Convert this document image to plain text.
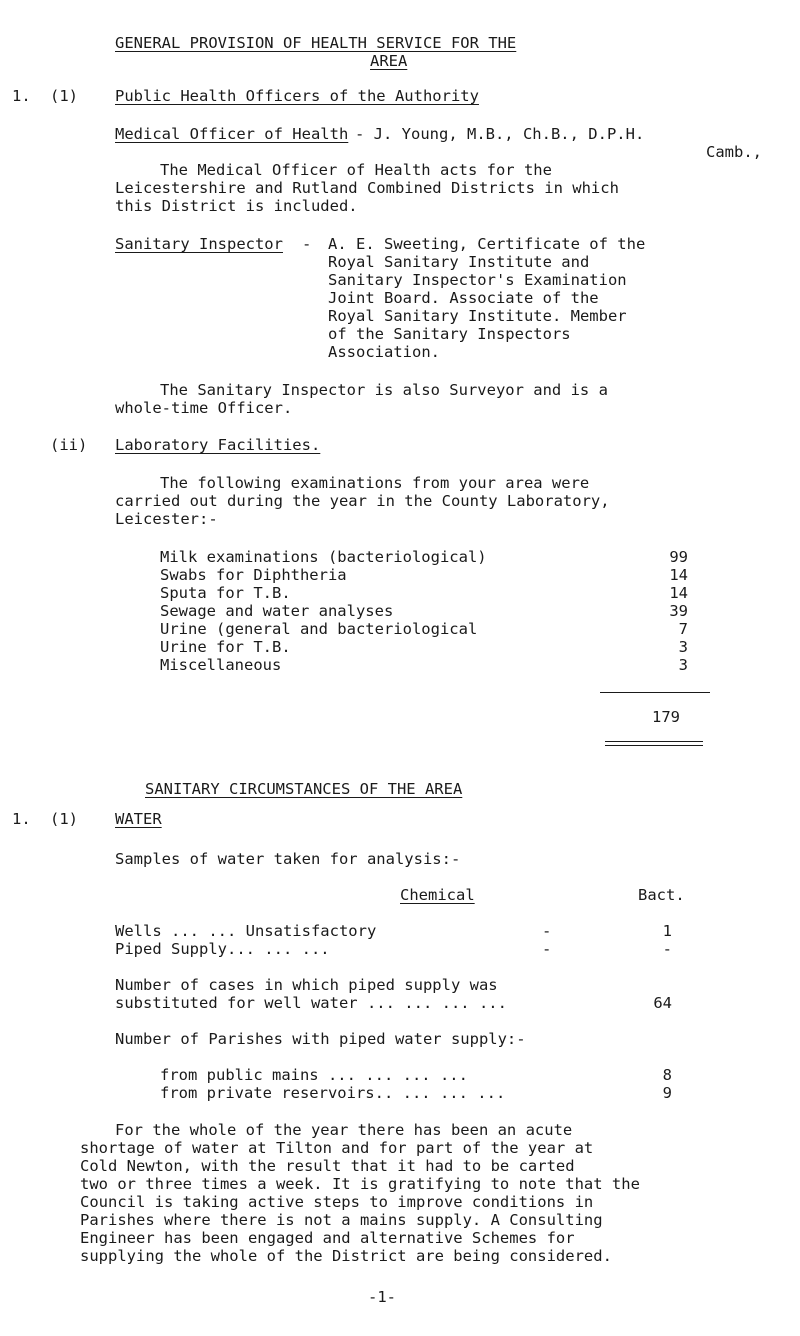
GENERAL PROVISION OF HEALTH SERVICE FOR THE
AREA
1. (1) Public Health Officers of the Authority
Medical Officer of Health - J. Young, M.B., Ch.B., D.P.H.
Camb.,
The Medical Officer of Health acts for the
Leicestershire and Rutland Combined Districts in which
this District is included.
Sanitary Inspector - A. E. Sweeting, Certificate of the
Royal Sanitary Institute and
Sanitary Inspector's Examination
Joint Board. Associate of the
Royal Sanitary Institute. Member
of the Sanitary Inspectors
Association.
The Sanitary Inspector is also Surveyor and is a
whole-time Officer.
(ii) Laboratory Facilities.
The following examinations from your area were
carried out during the year in the County Laboratory,
Leicester:-
Milk examinations (bacteriological)	99
Swabs for Diphtheria	14
Sputa for T.B.	14
Sewage and water analyses	39
Urine (general and bacteriological	7
Urine for T.B.	3
Miscellaneous	3
179
SANITARY CIRCUMSTANCES OF THE AREA
1. (1) WATER
Samples of water taken for analysis:-
Chemical	Bact.
Wells ... ... Unsatisfactory	-	1
Piped Supply... ... ...	-	-
Number of cases in which piped supply was
substituted for well water ... ... ... ...	64
Number of Parishes with piped water supply:-
from public mains ... ... ... ...	8
from private reservoirs.. ... ... ...	9
For the whole of the year there has been an acute
shortage of water at Tilton and for part of the year at
Cold Newton, with the result that it had to be carted
two or three times a week. It is gratifying to note that the
Council is taking active steps to improve conditions in
Parishes where there is not a mains supply. A Consulting
Engineer has been engaged and alternative Schemes for
supplying the whole of the District are being considered.
-1-
